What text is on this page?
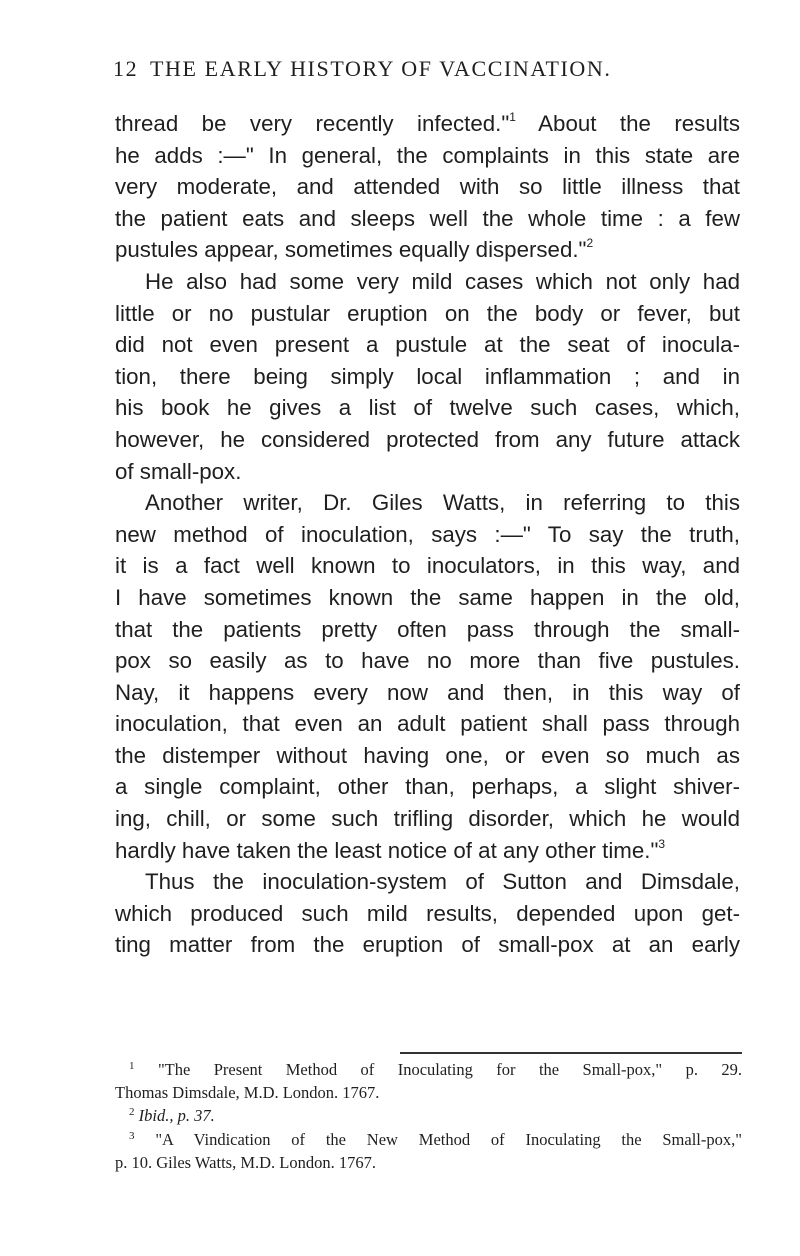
12 THE EARLY HISTORY OF VACCINATION.
thread be very recently infected."$^1$ About the results
he adds :—" In general, the complaints in this state are
very moderate, and attended with so little illness that
the patient eats and sleeps well the whole time : a few
pustules appear, sometimes equally dispersed."$^2$
He also had some very mild cases which not only had
little or no pustular eruption on the body or fever, but
did not even present a pustule at the seat of inocula-
tion, there being simply local inflammation ; and in
his book he gives a list of twelve such cases, which,
however, he considered protected from any future attack
of small-pox.
Another writer, Dr. Giles Watts, in referring to this
new method of inoculation, says :—" To say the truth,
it is a fact well known to inoculators, in this way, and
I have sometimes known the same happen in the old,
that the patients pretty often pass through the small-
pox so easily as to have no more than five pustules.
Nay, it happens every now and then, in this way of
inoculation, that even an adult patient shall pass through
the distemper without having one, or even so much as
a single complaint, other than, perhaps, a slight shiver-
ing, chill, or some such trifling disorder, which he would
hardly have taken the least notice of at any other time."$^3$
Thus the inoculation-system of Sutton and Dimsdale,
which produced such mild results, depended upon get-
ting matter from the eruption of small-pox at an early
$^1$ "The Present Method of Inoculating for the Small-pox," p. 29.
Thomas Dimsdale, M.D. London. 1767.
$^2$ Ibid., p. 37.
$^3$ "A Vindication of the New Method of Inoculating the Small-pox,"
p. 10. Giles Watts, M.D. London. 1767.
